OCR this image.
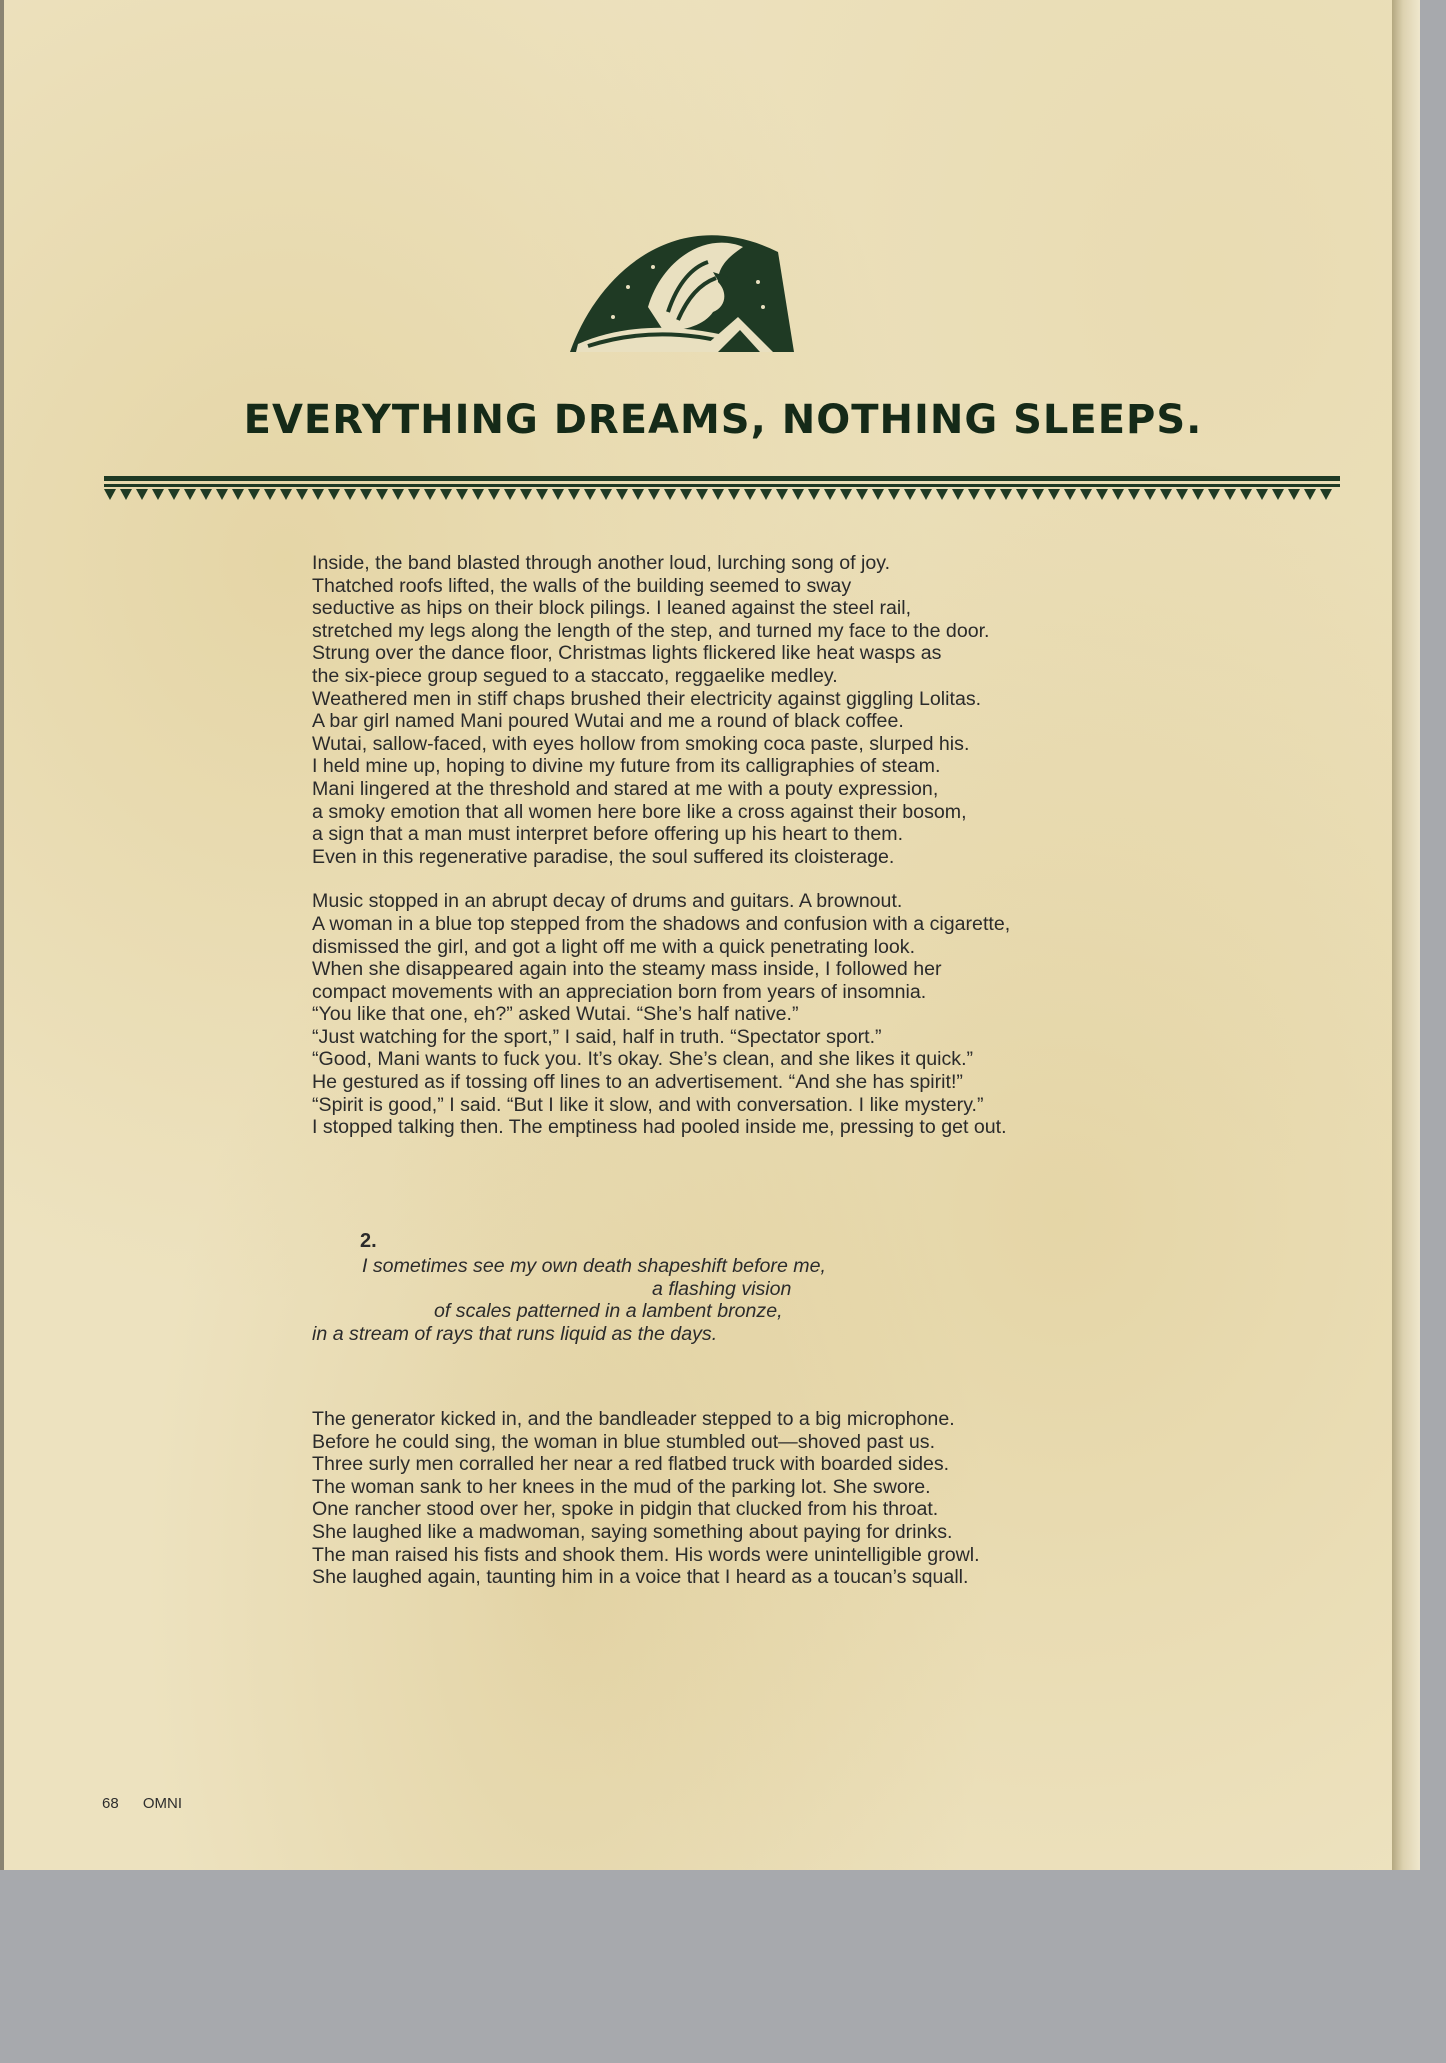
EVERYTHING DREAMS, NOTHING SLEEPS.

Inside, the band blasted through another loud, lurching song of joy.
Thatched roofs lifted, the walls of the building seemed to sway
seductive as hips on their block pilings. I leaned against the steel rail,
stretched my legs along the length of the step, and turned my face to the door.
Strung over the dance floor, Christmas lights flickered like heat wasps as
the six-piece group segued to a staccato, reggaelike medley.
Weathered men in stiff chaps brushed their electricity against giggling Lolitas.
A bar girl named Mani poured Wutai and me a round of black coffee.
Wutai, sallow-faced, with eyes hollow from smoking coca paste, slurped his.
I held mine up, hoping to divine my future from its calligraphies of steam.
Mani lingered at the threshold and stared at me with a pouty expression,
a smoky emotion that all women here bore like a cross against their bosom,
a sign that a man must interpret before offering up his heart to them.
Even in this regenerative paradise, the soul suffered its cloisterage.

Music stopped in an abrupt decay of drums and guitars. A brownout.
A woman in a blue top stepped from the shadows and confusion with a cigarette,
dismissed the girl, and got a light off me with a quick penetrating look.
When she disappeared again into the steamy mass inside, I followed her
compact movements with an appreciation born from years of insomnia.
“You like that one, eh?” asked Wutai. “She’s half native.”
“Just watching for the sport,” I said, half in truth. “Spectator sport.”
“Good, Mani wants to fuck you. It’s okay. She’s clean, and she likes it quick.”
He gestured as if tossing off lines to an advertisement. “And she has spirit!”
“Spirit is good,” I said. “But I like it slow, and with conversation. I like mystery.”
I stopped talking then. The emptiness had pooled inside me, pressing to get out.

2.
I sometimes see my own death shapeshift before me,
a flashing vision
of scales patterned in a lambent bronze,
in a stream of rays that runs liquid as the days.
The generator kicked in, and the bandleader stepped to a big microphone.
Before he could sing, the woman in blue stumbled out—shoved past us.
Three surly men corralled her near a red flatbed truck with boarded sides.
The woman sank to her knees in the mud of the parking lot. She swore.
One rancher stood over her, spoke in pidgin that clucked from his throat.
She laughed like a madwoman, saying something about paying for drinks.
The man raised his fists and shook them. His words were unintelligible growl.
She laughed again, taunting him in a voice that I heard as a toucan’s squall.
68 OMNI
